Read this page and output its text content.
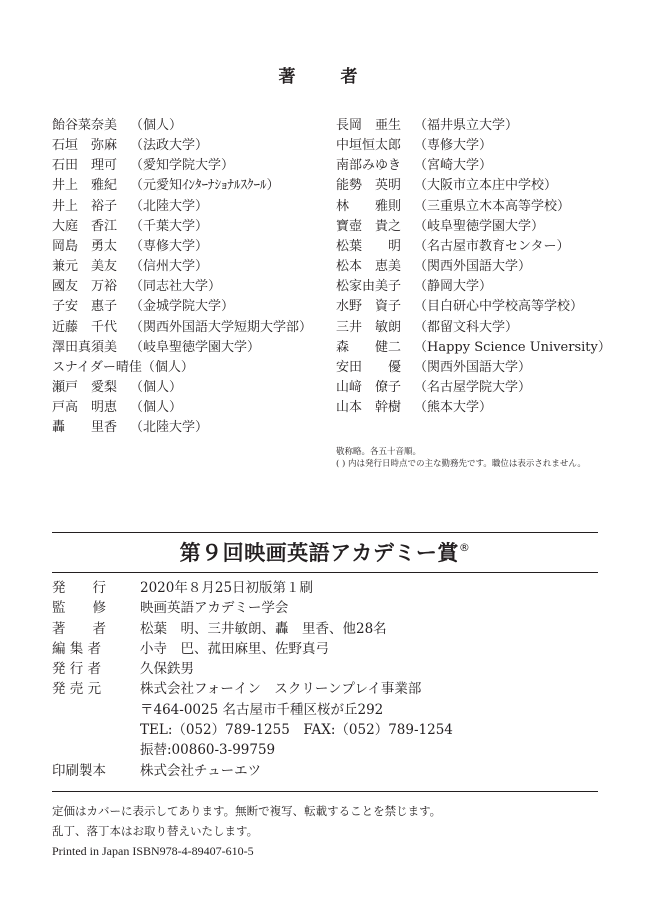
著　者
飴谷菜奈美 （個人）
石垣　弥麻 （法政大学）
石田　理可 （愛知学院大学）
井上　雅紀 （元愛知ｲﾝﾀｰﾅｼｮﾅﾙｽｸｰﾙ）
井上　裕子 （北陸大学）
大庭　香江 （千葉大学）
岡島　勇太 （専修大学）
兼元　美友 （信州大学）
國友　万裕 （同志社大学）
子安　惠子 （金城学院大学）
近藤　千代 （関西外国語大学短期大学部）
澤田真須美 （岐阜聖徳学園大学）
スナイダー晴佳 （個人）
瀬戸　愛梨 （個人）
戸高　明恵 （個人）
轟　　里香 （北陸大学）
長岡　亜生 （福井県立大学）
中垣恒太郎 （専修大学）
南部みゆき （宮崎大学）
能勢　英明 （大阪市立本庄中学校）
林　　雅則 （三重県立木本高等学校）
寶壺　貴之 （岐阜聖徳学園大学）
松葉　　明 （名古屋市教育センター）
松本　恵美 （関西外国語大学）
松家由美子 （静岡大学）
水野　資子 （目白研心中学校高等学校）
三井　敏朗 （都留文科大学）
森　　健二 （Happy Science University）
安田　　優 （関西外国語大学）
山﨑　僚子 （名古屋学院大学）
山本　幹樹 （熊本大学）
敬称略。各五十音順。
( ) 内は発行日時点での主な勤務先です。職位は表示されません。
第９回映画英語アカデミー賞®
発　　行	2020年８月25日初版第１刷
監　　修	映画英語アカデミー学会
著　　者	松葉　明、三井敏朗、轟　里香、他28名
編 集 者	小寺　巴、菰田麻里、佐野真弓
発 行 者	久保鉄男
発 売 元	株式会社フォーイン　スクリーンプレイ事業部
〒464-0025 名古屋市千種区桜が丘292
TEL:（052）789-1255　FAX:（052）789-1254
振替:00860-3-99759
印刷製本	株式会社チューエツ
定価はカバーに表示してあります。無断で複写、転載することを禁じます。
乱丁、落丁本はお取り替えいたします。
Printed in Japan ISBN978-4-89407-610-5
